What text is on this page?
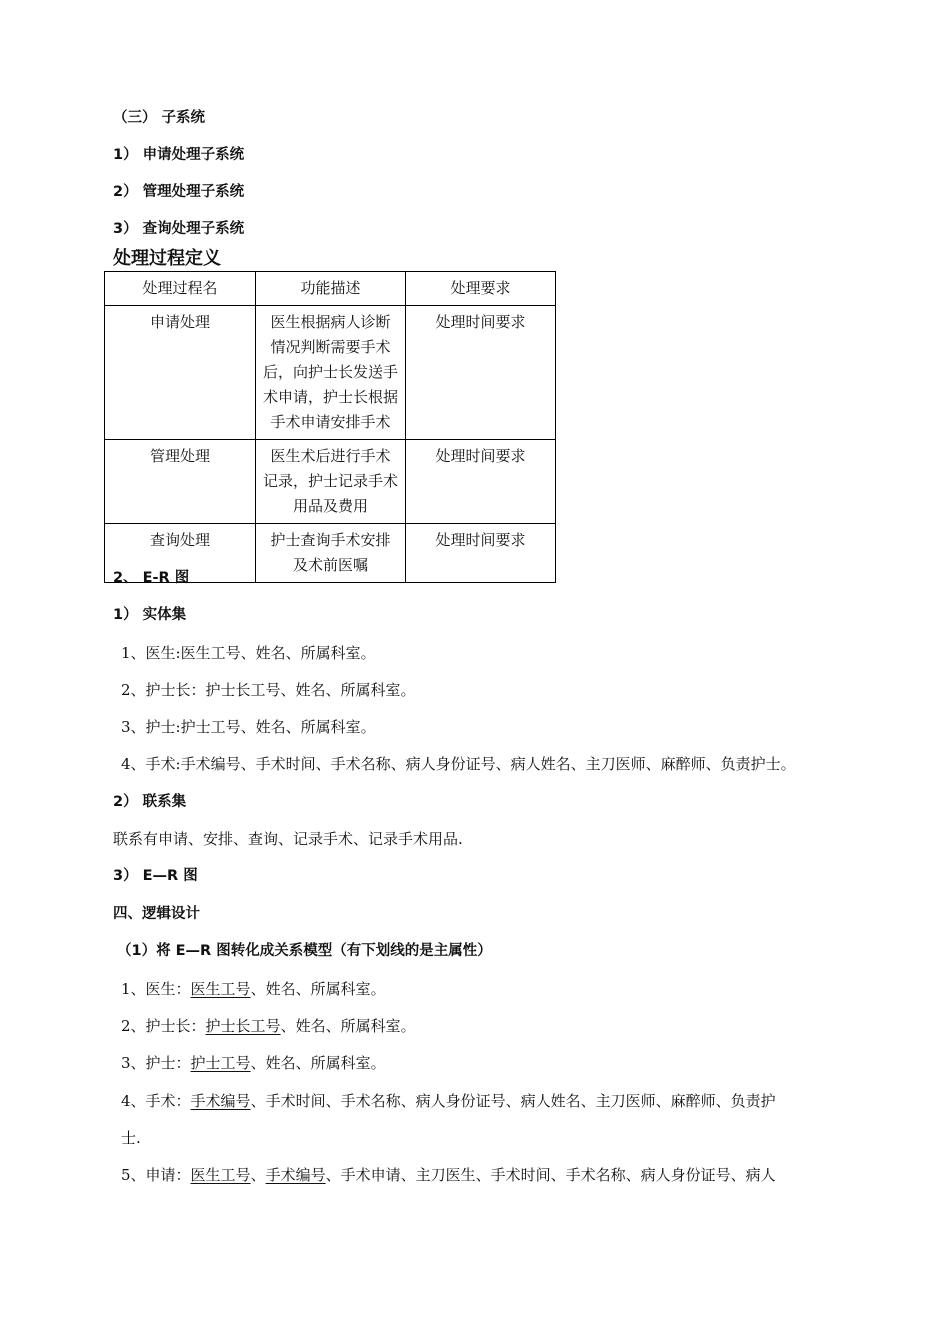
（三） 子系统
1） 申请处理子系统
2） 管理处理子系统
3） 查询处理子系统
处理过程定义
处理过程名	功能描述	处理要求
申请处理	医生根据病人诊断
情况判断需要手术
后，向护士长发送手
术申请，护士长根据
手术申请安排手术	处理时间要求
管理处理	医生术后进行手术
记录，护士记录手术
用品及费用	处理时间要求
查询处理	护士查询手术安排
及术前医嘱	处理时间要求
2、 E-R 图
1） 实体集
1、医生:医生工号、姓名、所属科室。
2、护士长：护士长工号、姓名、所属科室。
3、护士:护士工号、姓名、所属科室。
4、手术:手术编号、手术时间、手术名称、病人身份证号、病人姓名、主刀医师、麻醉师、负责护士。
2） 联系集
联系有申请、安排、查询、记录手术、记录手术用品.
3） E—R 图
四、逻辑设计
（1）将 E—R 图转化成关系模型（有下划线的是主属性）
1、医生：医生工号、姓名、所属科室。
2、护士长：护士长工号、姓名、所属科室。
3、护士：护士工号、姓名、所属科室。
4、手术：手术编号、手术时间、手术名称、病人身份证号、病人姓名、主刀医师、麻醉师、负责护
士.
5、申请：医生工号、手术编号、手术申请、主刀医生、手术时间、手术名称、病人身份证号、病人
